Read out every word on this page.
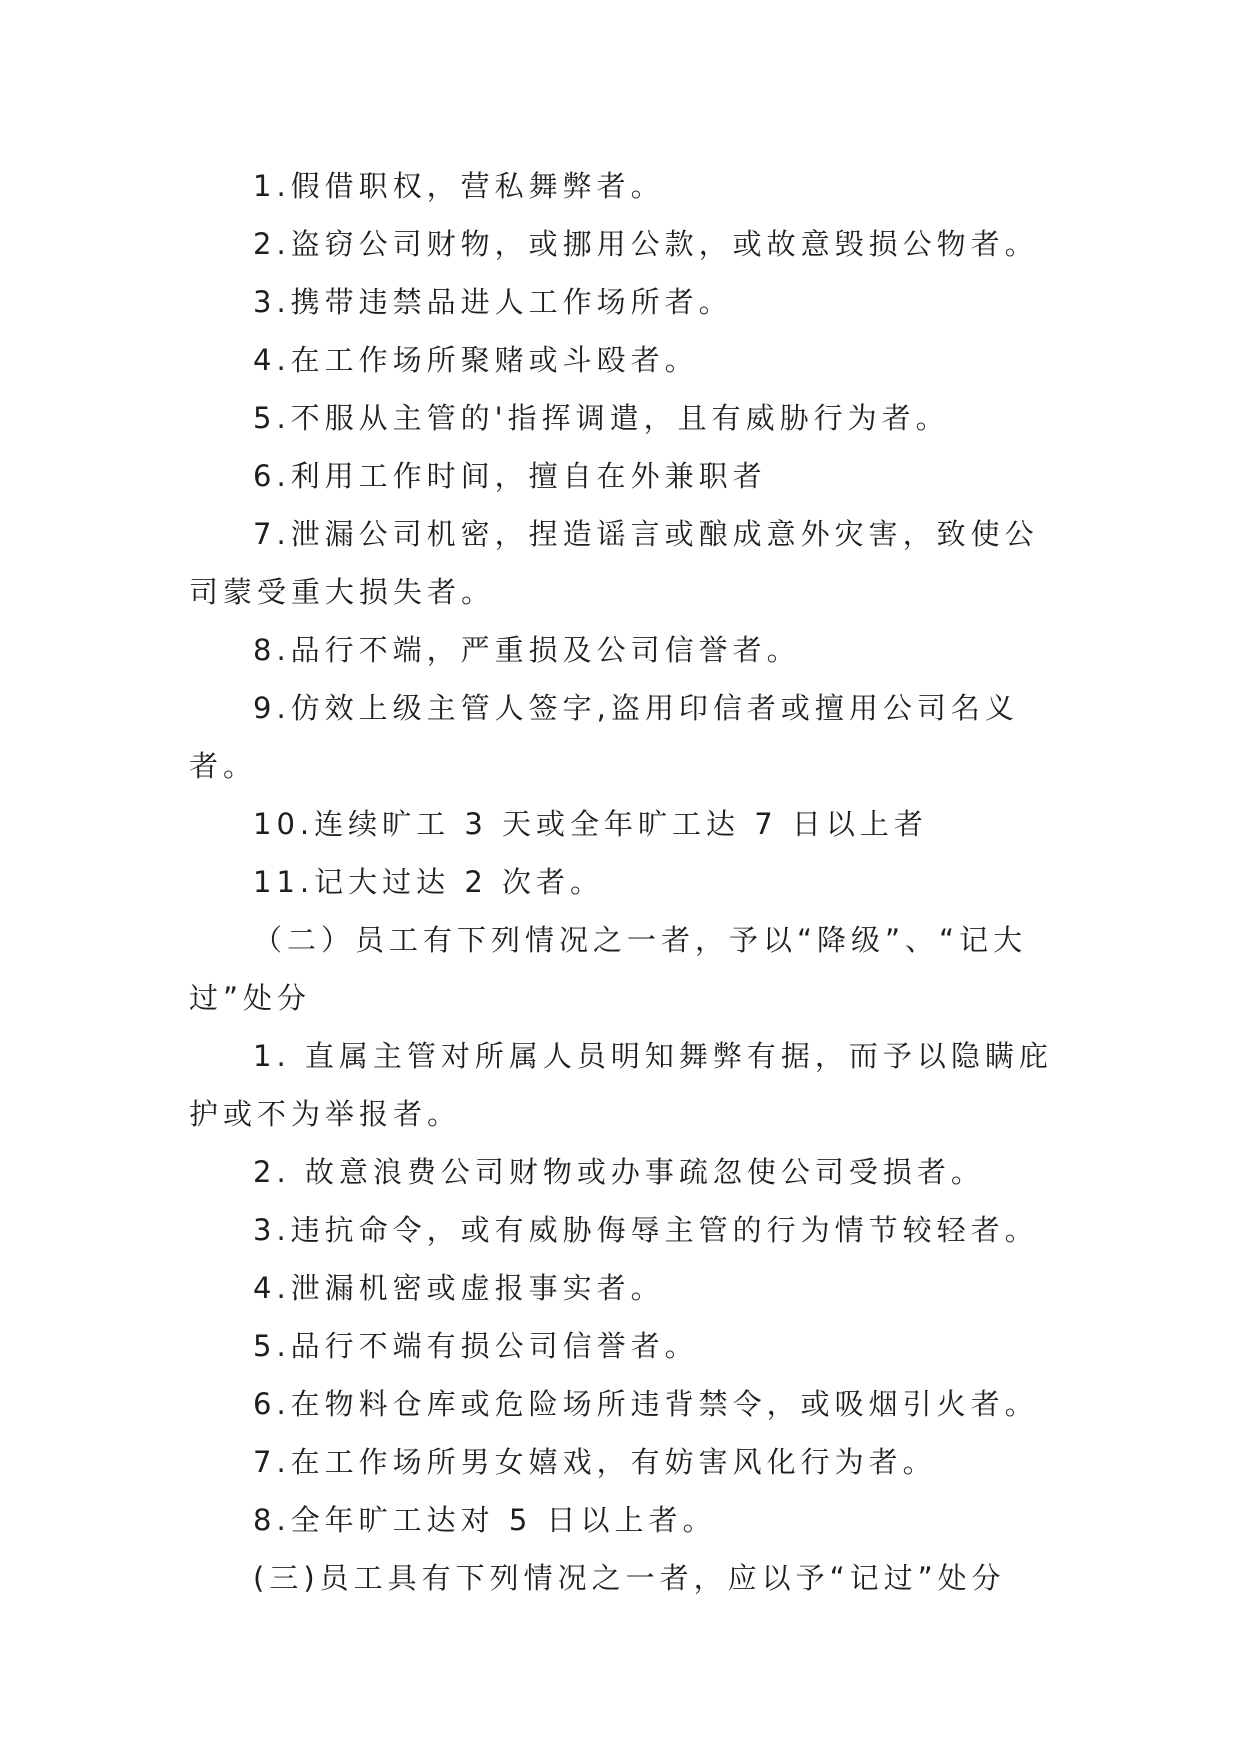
1.假借职权，营私舞弊者。

2.盗窃公司财物，或挪用公款，或故意毁损公物者。

3.携带违禁品进人工作场所者。

4.在工作场所聚赌或斗殴者。

5.不服从主管的'指挥调遣，且有威胁行为者。

6.利用工作时间，擅自在外兼职者

7.泄漏公司机密，捏造谣言或酿成意外灾害，致使公司蒙受重大损失者。

8.品行不端，严重损及公司信誉者。

9.仿效上级主管人签字,盗用印信者或擅用公司名义者。

10.连续旷工 3 天或全年旷工达 7 日以上者

11.记大过达 2 次者。

（二）员工有下列情况之一者，予以“降级”、“记大过”处分

1. 直属主管对所属人员明知舞弊有据，而予以隐瞒庇护或不为举报者。

2. 故意浪费公司财物或办事疏忽使公司受损者。

3.违抗命令，或有威胁侮辱主管的行为情节较轻者。

4.泄漏机密或虚报事实者。

5.品行不端有损公司信誉者。

6.在物料仓库或危险场所违背禁令，或吸烟引火者。

7.在工作场所男女嬉戏，有妨害风化行为者。

8.全年旷工达对 5 日以上者。

(三)员工具有下列情况之一者，应以予“记过”处分
